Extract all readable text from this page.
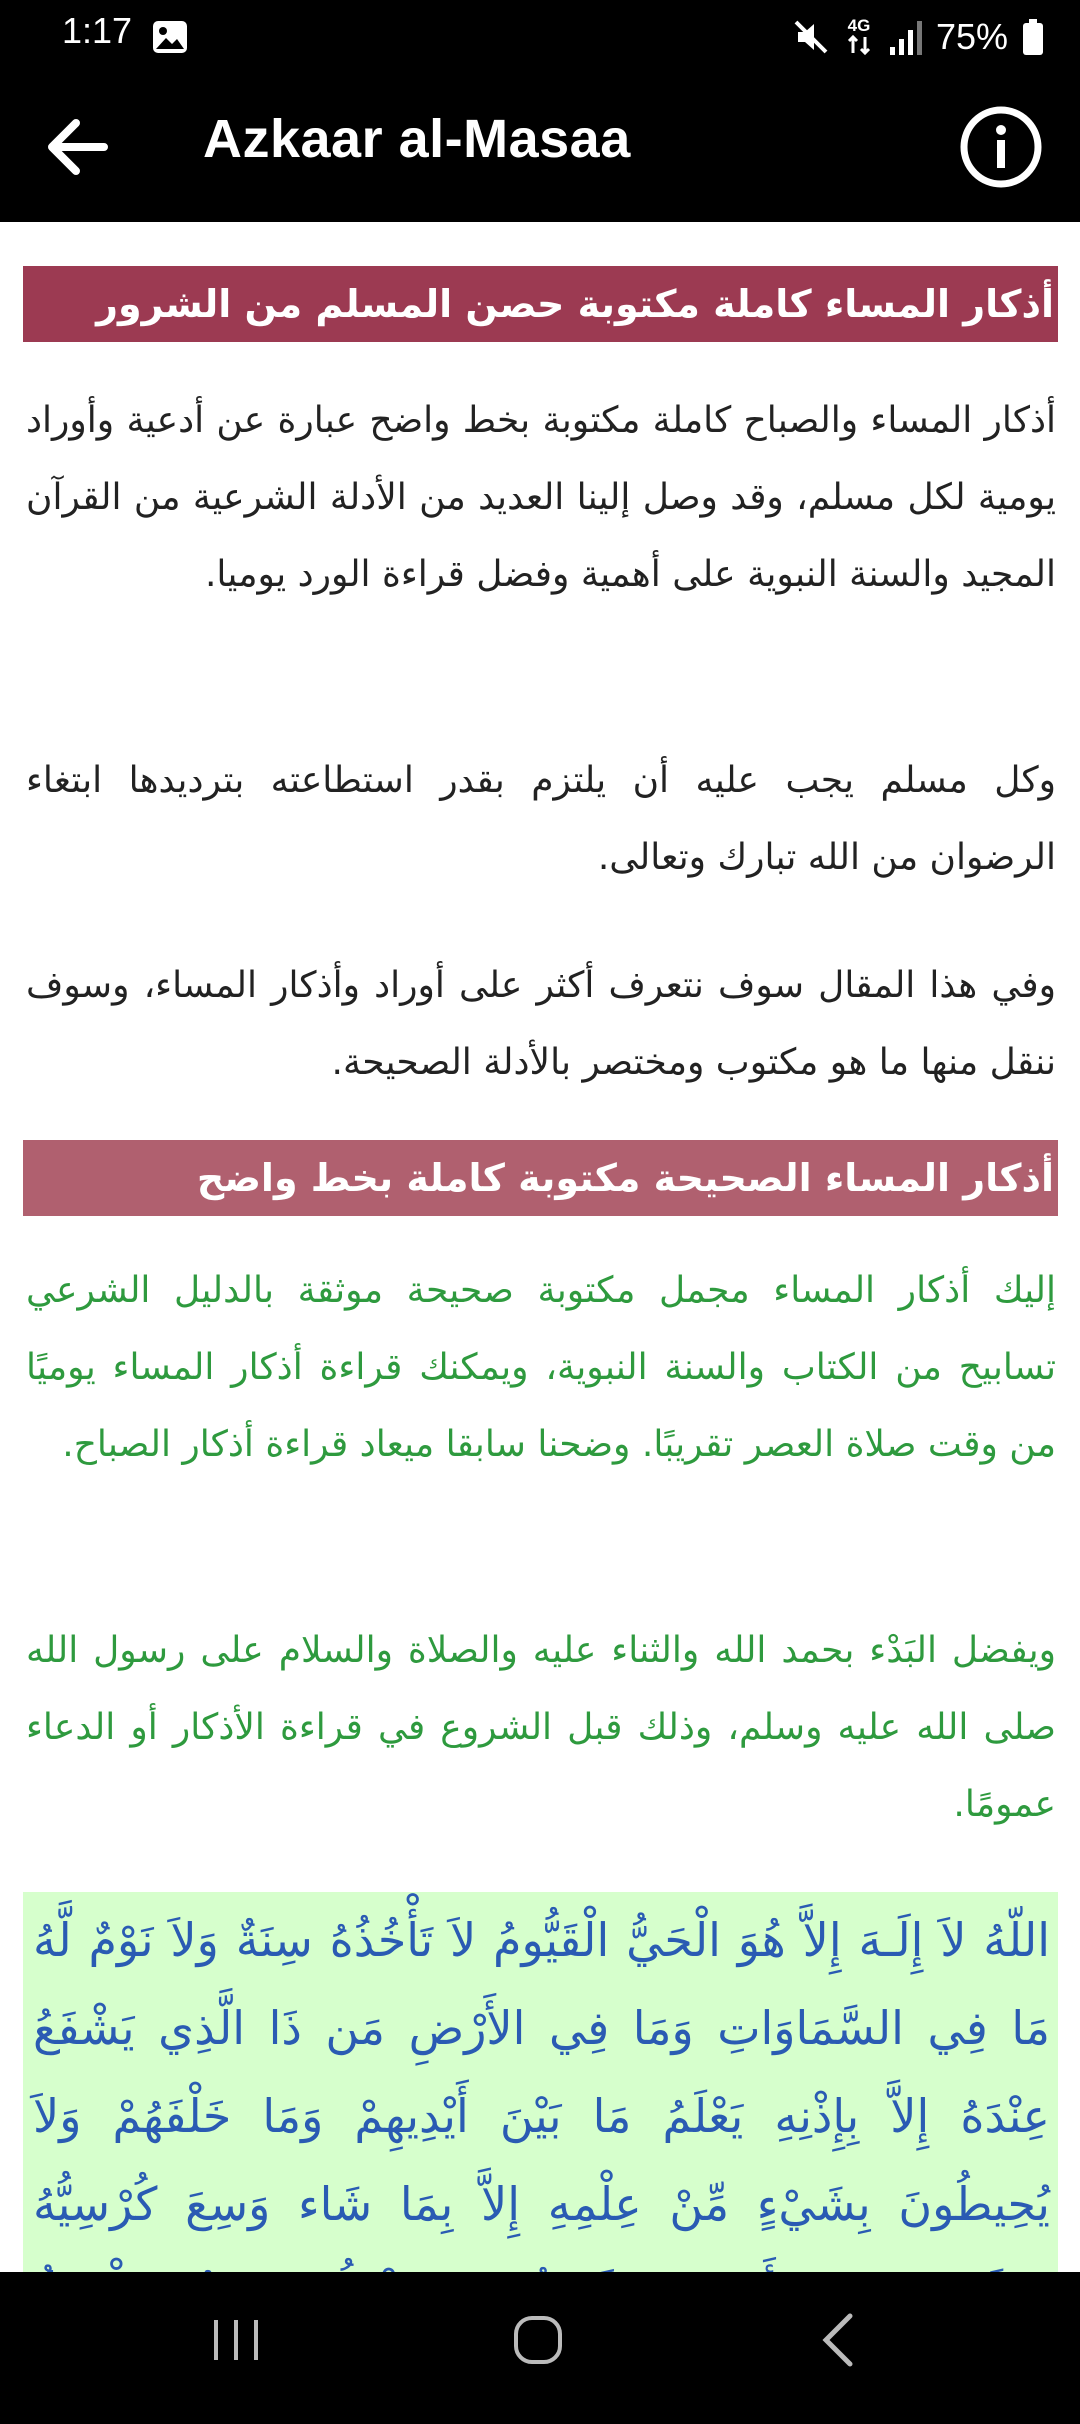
1:17	4G 75%
Azkaar al-Masaa
أذكار المساء كاملة مكتوبة حصن المسلم من الشرور
أذكار المساء والصباح كاملة مكتوبة بخط واضح عبارة عن أدعية وأوراد يومية لكل مسلم، وقد وصل إلينا العديد من الأدلة الشرعية من القرآن المجيد والسنة النبوية على أهمية وفضل قراءة الورد يوميا.
وكل مسلم يجب عليه أن يلتزم بقدر استطاعته بترديدها ابتغاء الرضوان من الله تبارك وتعالى.
وفي هذا المقال سوف نتعرف أكثر على أوراد وأذكار المساء، وسوف ننقل منها ما هو مكتوب ومختصر بالأدلة الصحيحة.
أذكار المساء الصحيحة مكتوبة كاملة بخط واضح
إليك أذكار المساء مجمل مكتوبة صحيحة موثقة بالدليل الشرعي تسابيح من الكتاب والسنة النبوية، ويمكنك قراءة أذكار المساء يوميًا من وقت صلاة العصر تقريبًا. وضحنا سابقا ميعاد قراءة أذكار الصباح.
ويفضل البَدْء بحمد الله والثناء عليه والصلاة والسلام على رسول الله صلى الله عليه وسلم، وذلك قبل الشروع في قراءة الأذكار أو الدعاء عمومًا.
اللّهُ لاَ إِلَـهَ إِلاَّ هُوَ الْحَيُّ الْقَيُّومُ لاَ تَأْخُذُهُ سِنَةٌ وَلاَ نَوْمٌ لَّهُ مَا فِي السَّمَاوَاتِ وَمَا فِي الأَرْضِ مَن ذَا الَّذِي يَشْفَعُ عِنْدَهُ إِلاَّ بِإِذْنِهِ يَعْلَمُ مَا بَيْنَ أَيْدِيهِمْ وَمَا خَلْفَهُمْ وَلاَ يُحِيطُونَ بِشَيْءٍ مِّنْ عِلْمِهِ إِلاَّ بِمَا شَاء وَسِعَ كُرْسِيُّهُ
